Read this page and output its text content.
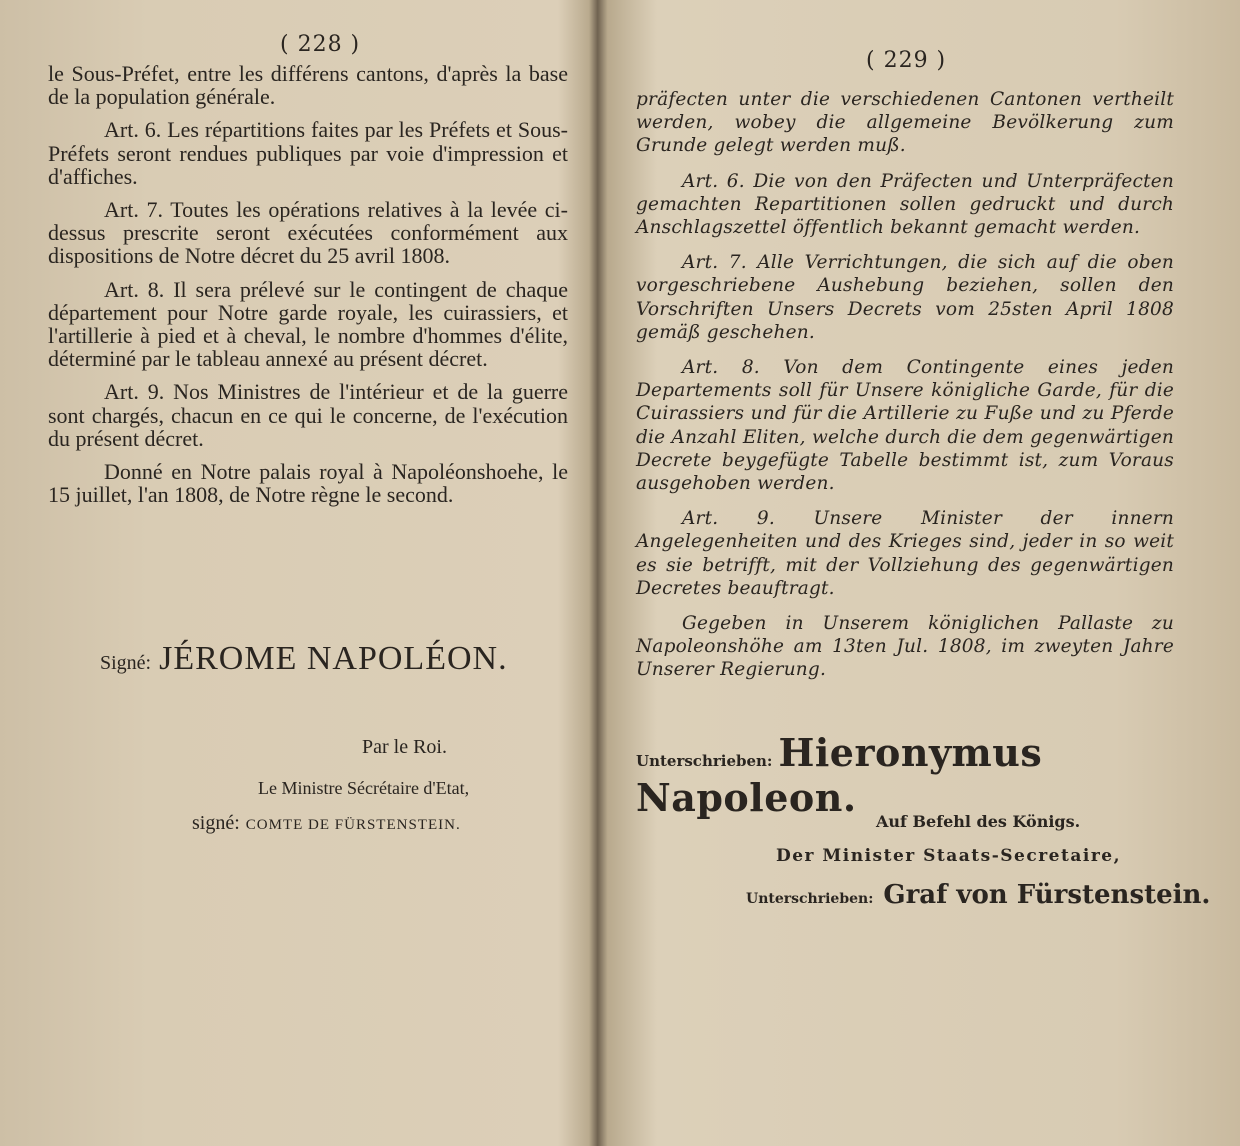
( 228 )

le Sous-Préfet, entre les différens cantons, d'après la base de la population générale.

Art. 6. Les répartitions faites par les Préfets et Sous-Préfets seront rendues publiques par voie d'impression et d'affiches.

Art. 7. Toutes les opérations relatives à la levée ci-dessus prescrite seront exécutées conformément aux dispositions de Notre décret du 25 avril 1808.

Art. 8. Il sera prélevé sur le contingent de chaque département pour Notre garde royale, les cuirassiers, et l'artillerie à pied et à cheval, le nombre d'hommes d'élite, déterminé par le tableau annexé au présent décret.

Art. 9. Nos Ministres de l'intérieur et de la guerre sont chargés, chacun en ce qui le concerne, de l'exécution du présent décret.

Donné en Notre palais royal à Napoléonshoehe, le 15 juillet, l'an 1808, de Notre règne le second.

Signé: JÉROME NAPOLÉON.
Par le Roi.
Le Ministre Sécrétaire d'Etat,
signé: COMTE DE FÜRSTENSTEIN.
( 229 )

präfecten unter die verschiedenen Cantonen vertheilt werden, wobey die allgemeine Bevölkerung zum Grunde gelegt werden muß.

Art. 6. Die von den Präfecten und Unterpräfecten gemachten Repartitionen sollen gedruckt und durch Anschlagszettel öffentlich bekannt gemacht werden.

Art. 7. Alle Verrichtungen, die sich auf die oben vorgeschriebene Aushebung beziehen, sollen den Vorschriften Unsers Decrets vom 25sten April 1808 gemäß geschehen.

Art. 8. Von dem Contingente eines jeden Departements soll für Unsere königliche Garde, für die Cuirassiers und für die Artillerie zu Fuße und zu Pferde die Anzahl Eliten, welche durch die dem gegenwärtigen Decrete beygefügte Tabelle bestimmt ist, zum Voraus ausgehoben werden.

Art. 9. Unsere Minister der innern Angelegenheiten und des Krieges sind, jeder in so weit es sie betrifft, mit der Vollziehung des gegenwärtigen Decretes beauftragt.

Gegeben in Unserem königlichen Pallaste zu Napoleonshöhe am 13ten Jul. 1808, im zweyten Jahre Unserer Regierung.

Unterschrieben: Hieronymus Napoleon.
Auf Befehl des Königs.
Der Minister Staats-Secretaire,
Unterschrieben: Graf von Fürstenstein.
